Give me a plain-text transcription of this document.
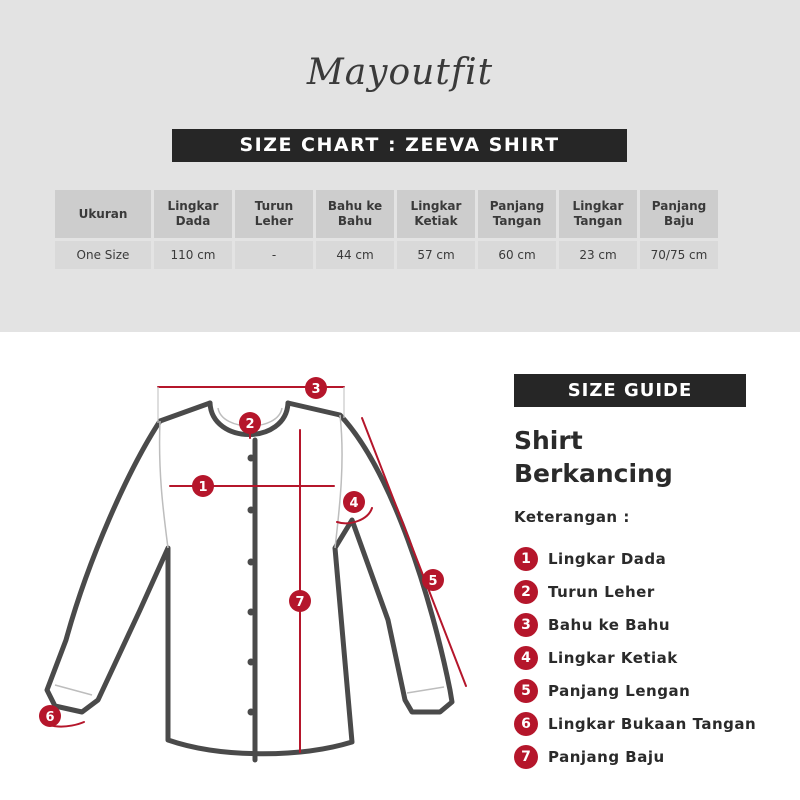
Mayoutfit
SIZE CHART : ZEEVA SHIRT
Ukuran	Lingkar Dada	Turun Leher	Bahu ke Bahu	Lingkar Ketiak	Panjang Tangan	Lingkar Tangan	Panjang Baju
One Size	110 cm	-	44 cm	57 cm	60 cm	23 cm	70/75 cm
1
2
3
4
5
6
7
SIZE GUIDE
Shirt
Berkancing
Keterangan :
1	Lingkar Dada
2	Turun Leher
3	Bahu ke Bahu
4	Lingkar Ketiak
5	Panjang Lengan
6	Lingkar Bukaan Tangan
7	Panjang Baju
